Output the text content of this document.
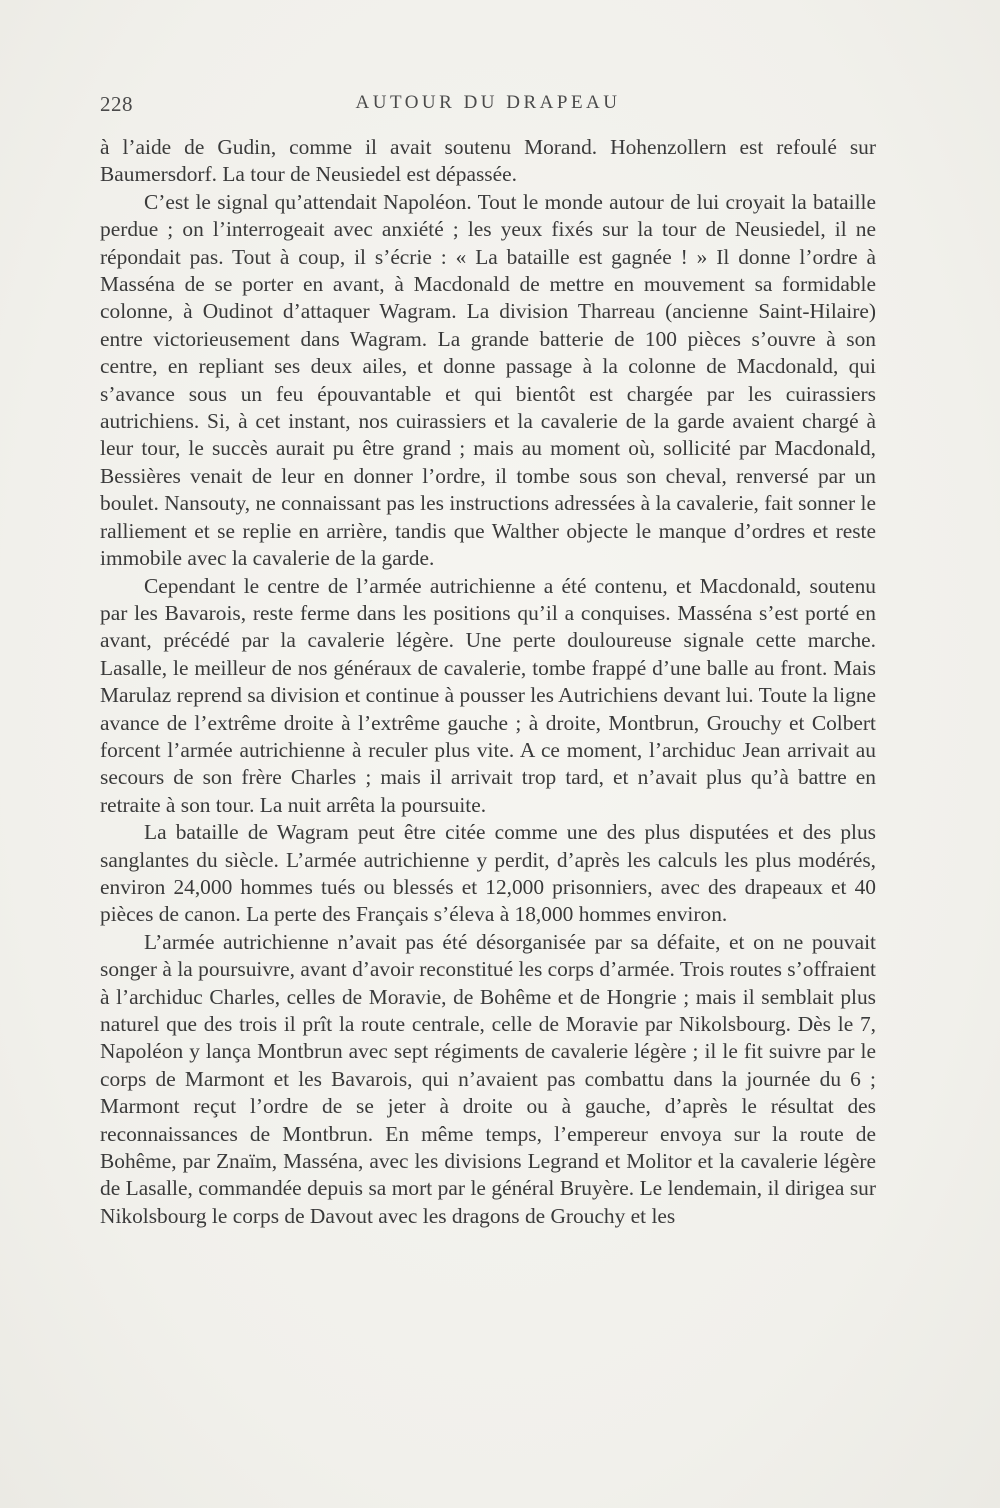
228	AUTOUR DU DRAPEAU

à l’aide de Gudin, comme il avait soutenu Morand. Hohenzollern est refoulé sur Baumersdorf. La tour de Neusiedel est dépassée.

C’est le signal qu’attendait Napoléon. Tout le monde autour de lui croyait la bataille perdue ; on l’interrogeait avec anxiété ; les yeux fixés sur la tour de Neusiedel, il ne répondait pas. Tout à coup, il s’écrie : « La bataille est gagnée ! » Il donne l’ordre à Masséna de se porter en avant, à Macdonald de mettre en mouvement sa formidable colonne, à Oudinot d’attaquer Wagram. La division Tharreau (ancienne Saint-Hilaire) entre victorieusement dans Wagram. La grande batterie de 100 pièces s’ouvre à son centre, en repliant ses deux ailes, et donne passage à la colonne de Macdonald, qui s’avance sous un feu épouvantable et qui bientôt est chargée par les cuirassiers autrichiens. Si, à cet instant, nos cuirassiers et la cavalerie de la garde avaient chargé à leur tour, le succès aurait pu être grand ; mais au moment où, sollicité par Macdonald, Bessières venait de leur en donner l’ordre, il tombe sous son cheval, renversé par un boulet. Nansouty, ne connaissant pas les instructions adressées à la cavalerie, fait sonner le ralliement et se replie en arrière, tandis que Walther objecte le manque d’ordres et reste immobile avec la cavalerie de la garde.

Cependant le centre de l’armée autrichienne a été contenu, et Macdonald, soutenu par les Bavarois, reste ferme dans les positions qu’il a conquises. Masséna s’est porté en avant, précédé par la cavalerie légère. Une perte douloureuse signale cette marche. Lasalle, le meilleur de nos généraux de cavalerie, tombe frappé d’une balle au front. Mais Marulaz reprend sa division et continue à pousser les Autrichiens devant lui. Toute la ligne avance de l’extrême droite à l’extrême gauche ; à droite, Montbrun, Grouchy et Colbert forcent l’armée autrichienne à reculer plus vite. A ce moment, l’archiduc Jean arrivait au secours de son frère Charles ; mais il arrivait trop tard, et n’avait plus qu’à battre en retraite à son tour. La nuit arrêta la poursuite.

La bataille de Wagram peut être citée comme une des plus disputées et des plus sanglantes du siècle. L’armée autrichienne y perdit, d’après les calculs les plus modérés, environ 24,000 hommes tués ou blessés et 12,000 prisonniers, avec des drapeaux et 40 pièces de canon. La perte des Français s’éleva à 18,000 hommes environ.

L’armée autrichienne n’avait pas été désorganisée par sa défaite, et on ne pouvait songer à la poursuivre, avant d’avoir reconstitué les corps d’armée. Trois routes s’offraient à l’archiduc Charles, celles de Moravie, de Bohême et de Hongrie ; mais il semblait plus naturel que des trois il prît la route centrale, celle de Moravie par Nikolsbourg. Dès le 7, Napoléon y lança Montbrun avec sept régiments de cavalerie légère ; il le fit suivre par le corps de Marmont et les Bavarois, qui n’avaient pas combattu dans la journée du 6 ; Marmont reçut l’ordre de se jeter à droite ou à gauche, d’après le résultat des reconnaissances de Montbrun. En même temps, l’empereur envoya sur la route de Bohême, par Znaïm, Masséna, avec les divisions Legrand et Molitor et la cavalerie légère de Lasalle, commandée depuis sa mort par le général Bruyère. Le lendemain, il dirigea sur Nikolsbourg le corps de Davout avec les dragons de Grouchy et les
